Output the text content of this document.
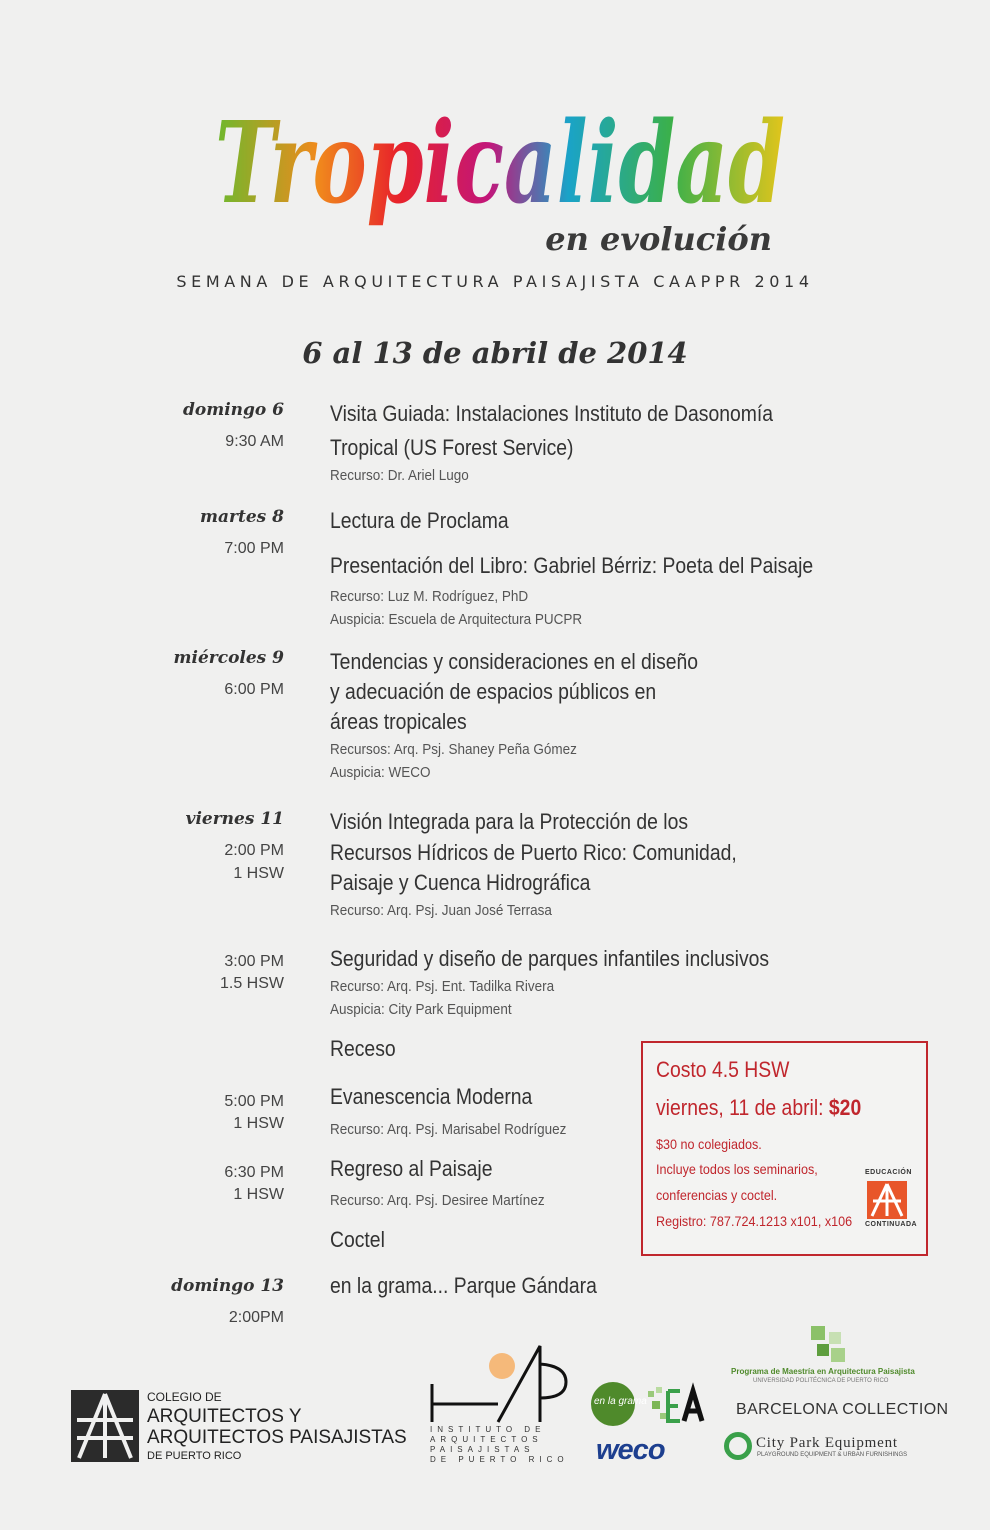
Tropicalidad
en evolución
SEMANA DE ARQUITECTURA PAISAJISTA CAAPPR 2014
6 al 13 de abril de 2014
domingo 6
9:30 AM
Visita Guiada: Instalaciones Instituto de Dasonomía
Tropical (US Forest Service)
Recurso: Dr. Ariel Lugo
martes 8
7:00 PM
Lectura de Proclama
Presentación del Libro: Gabriel Bérriz: Poeta del Paisaje
Recurso: Luz M. Rodríguez, PhD
Auspicia: Escuela de Arquitectura PUCPR
miércoles 9
6:00 PM
Tendencias y consideraciones en el diseño
y adecuación de espacios públicos en
áreas tropicales
Recursos: Arq. Psj. Shaney Peña Gómez
Auspicia: WECO
viernes 11
2:00 PM
1 HSW
Visión Integrada para la Protección de los
Recursos Hídricos de Puerto Rico: Comunidad,
Paisaje y Cuenca Hidrográfica
Recurso: Arq. Psj. Juan José Terrasa
3:00 PM
1.5 HSW
Seguridad y diseño de parques infantiles inclusivos
Recurso: Arq. Psj. Ent. Tadilka Rivera
Auspicia: City Park Equipment
Receso
5:00 PM
1 HSW
Evanescencia Moderna
Recurso: Arq. Psj. Marisabel Rodríguez
6:30 PM
1 HSW
Regreso al Paisaje
Recurso: Arq. Psj. Desiree Martínez
Coctel
domingo 13
2:00PM
en la grama... Parque Gándara
Costo 4.5 HSW
viernes, 11 de abril: $20
$30 no colegiados.
Incluye todos los seminarios,
conferencias y coctel.
Registro: 787.724.1213 x101, x106
EDUCACIÓN
CONTINUADA
COLEGIO DE
ARQUITECTOS Y
ARQUITECTOS PAISAJISTAS
DE PUERTO RICO
INSTITUTO DE
ARQUITECTOS
PAISAJISTAS
DE PUERTO RICO
en la grama
weco
Programa de Maestría en Arquitectura Paisajista
UNIVERSIDAD POLITÉCNICA DE PUERTO RICO
BARCELONA COLLECTION
City Park Equipment
PLAYGROUND EQUIPMENT & URBAN FURNISHINGS
